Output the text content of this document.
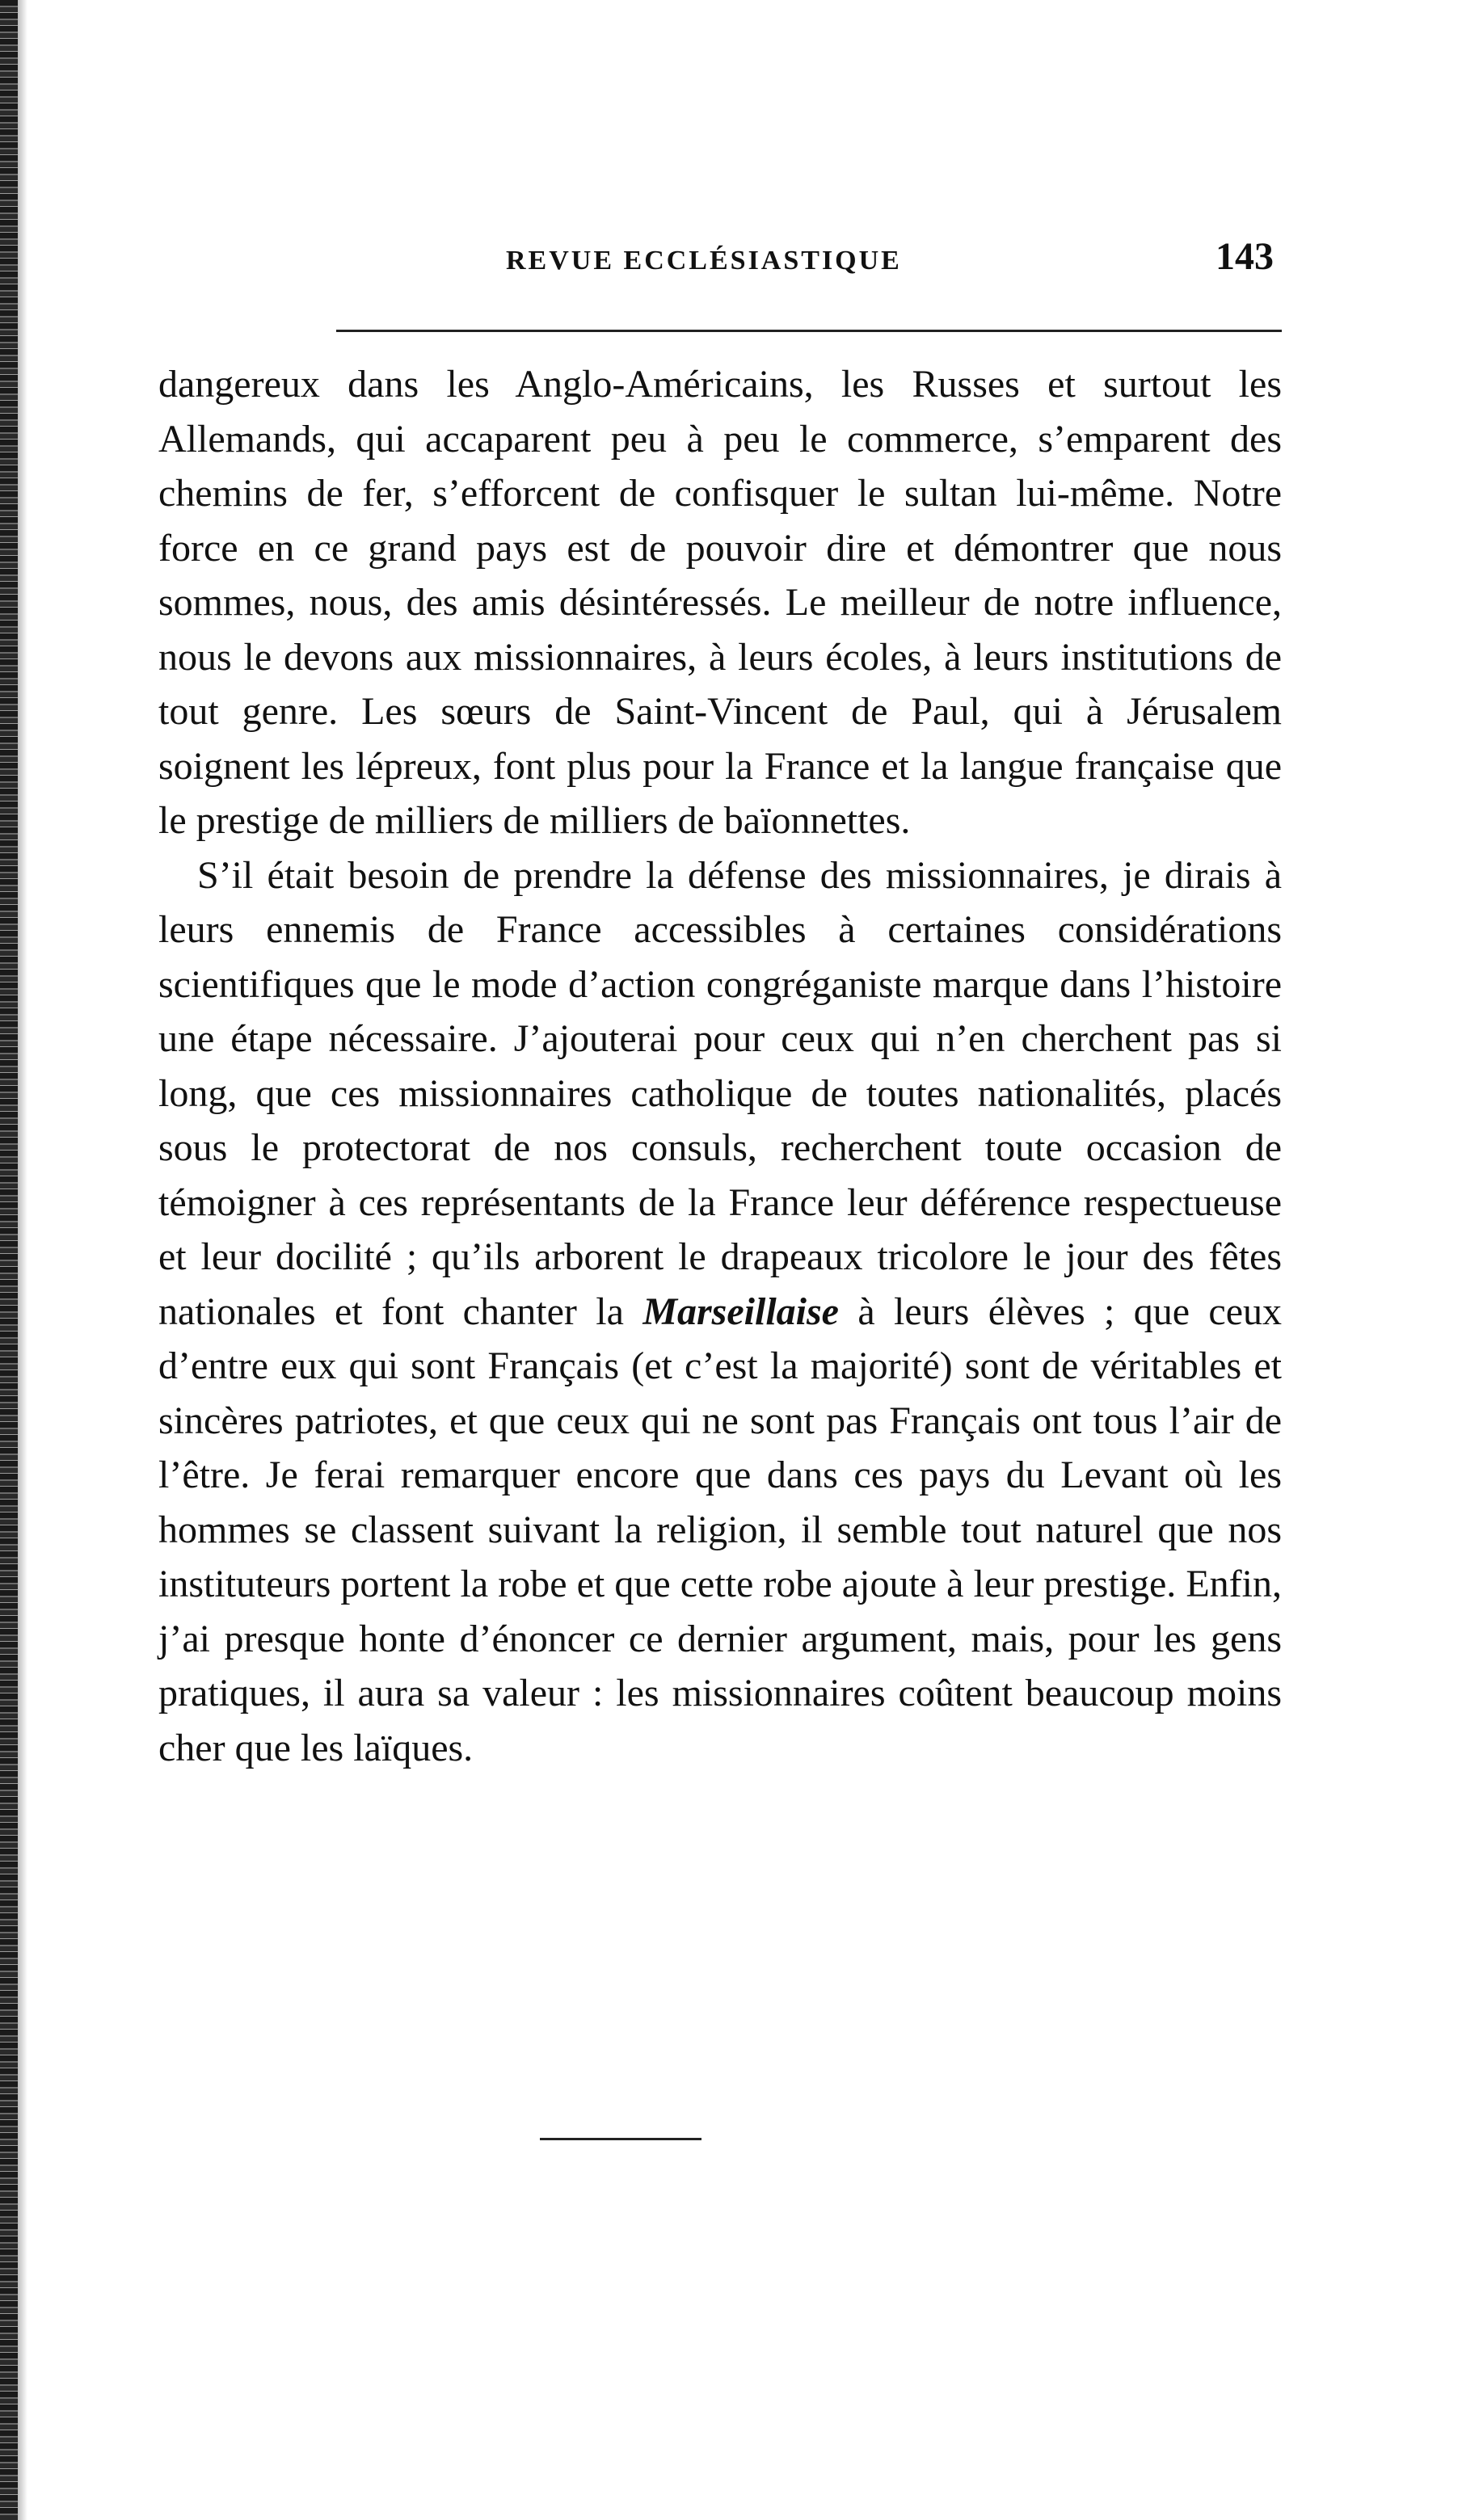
REVUE ECCLÉSIASTIQUE	143

dangereux dans les Anglo-Américains, les Russes et surtout les Allemands, qui accaparent peu à peu le commerce, s’emparent des chemins de fer, s’efforcent de confisquer le sultan lui-même. Notre force en ce grand pays est de pouvoir dire et démontrer que nous sommes, nous, des amis désintéressés. Le meilleur de notre influence, nous le devons aux missionnaires, à leurs écoles, à leurs institutions de tout genre. Les sœurs de Saint-Vincent de Paul, qui à Jérusalem soignent les lépreux, font plus pour la France et la langue française que le prestige de milliers de milliers de baïonnettes.

S’il était besoin de prendre la défense des missionnaires, je dirais à leurs ennemis de France accessibles à certaines considérations scientifiques que le mode d’action congréganiste marque dans l’histoire une étape nécessaire. J’ajouterai pour ceux qui n’en cherchent pas si long, que ces missionnaires catholique de toutes nationalités, placés sous le protectorat de nos consuls, recherchent toute occasion de témoigner à ces représentants de la France leur déférence respectueuse et leur docilité ; qu’ils arborent le drapeaux tricolore le jour des fêtes nationales et font chanter la Marseillaise à leurs élèves ; que ceux d’entre eux qui sont Français (et c’est la majorité) sont de véritables et sincères patriotes, et que ceux qui ne sont pas Français ont tous l’air de l’être. Je ferai remarquer encore que dans ces pays du Levant où les hommes se classent suivant la religion, il semble tout naturel que nos instituteurs portent la robe et que cette robe ajoute à leur prestige. Enfin, j’ai presque honte d’énoncer ce dernier argument, mais, pour les gens pratiques, il aura sa valeur : les missionnaires coûtent beaucoup moins cher que les laïques.
